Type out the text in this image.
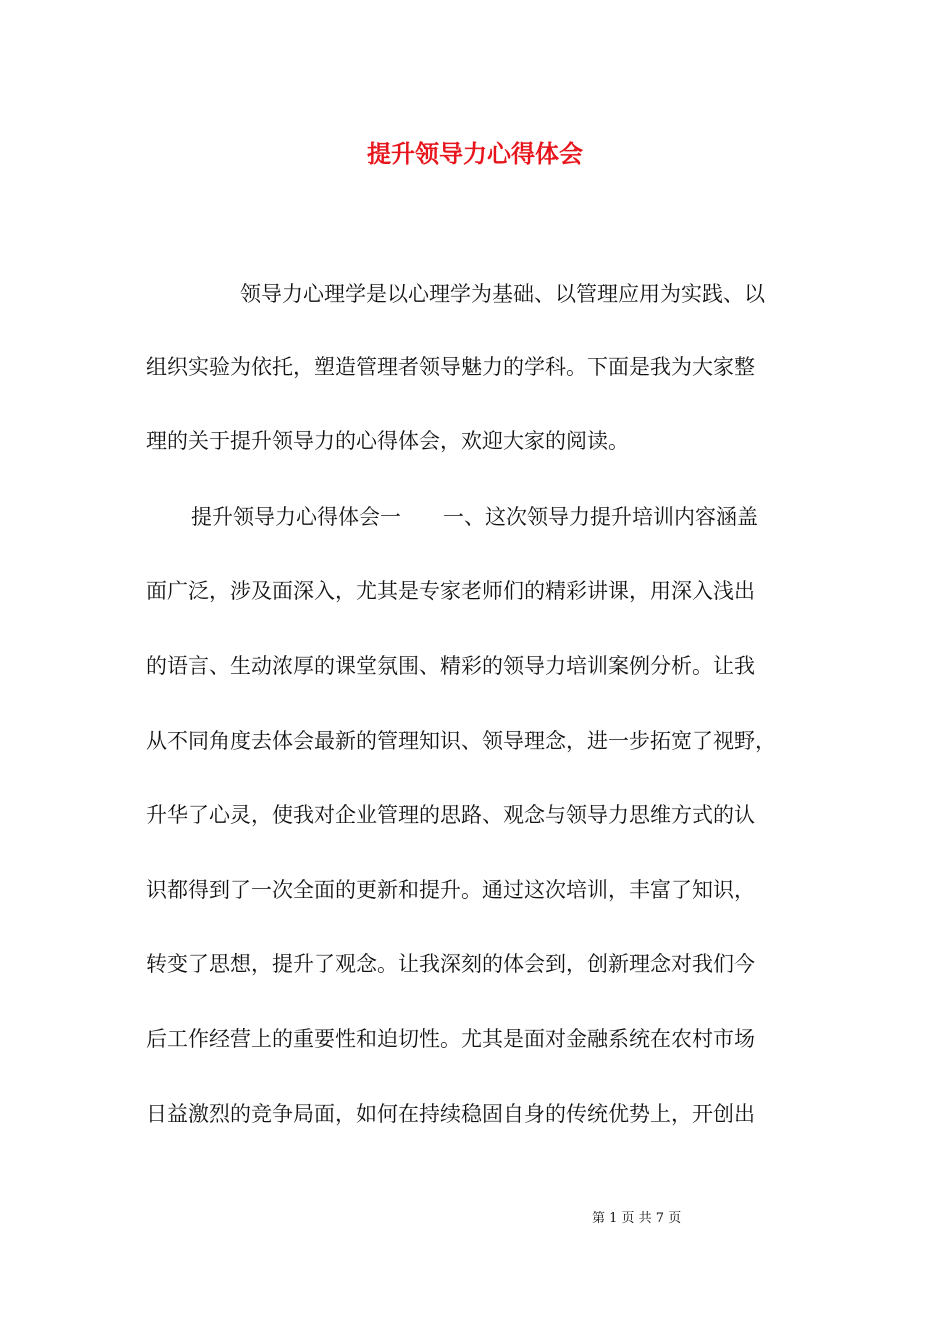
提升领导力心得体会
领导力心理学是以心理学为基础、以管理应用为实践、以
组织实验为依托，塑造管理者领导魅力的学科。下面是我为大家整
理的关于提升领导力的心得体会，欢迎大家的阅读。
提升领导力心得体会一　　一、这次领导力提升培训内容涵盖
面广泛，涉及面深入，尤其是专家老师们的精彩讲课，用深入浅出
的语言、生动浓厚的课堂氛围、精彩的领导力培训案例分析。让我
从不同角度去体会最新的管理知识、领导理念，进一步拓宽了视野，
升华了心灵，使我对企业管理的思路、观念与领导力思维方式的认
识都得到了一次全面的更新和提升。通过这次培训，丰富了知识，
转变了思想，提升了观念。让我深刻的体会到，创新理念对我们今
后工作经营上的重要性和迫切性。尤其是面对金融系统在农村市场
日益激烈的竞争局面，如何在持续稳固自身的传统优势上，开创出
第 1 页 共 7 页
